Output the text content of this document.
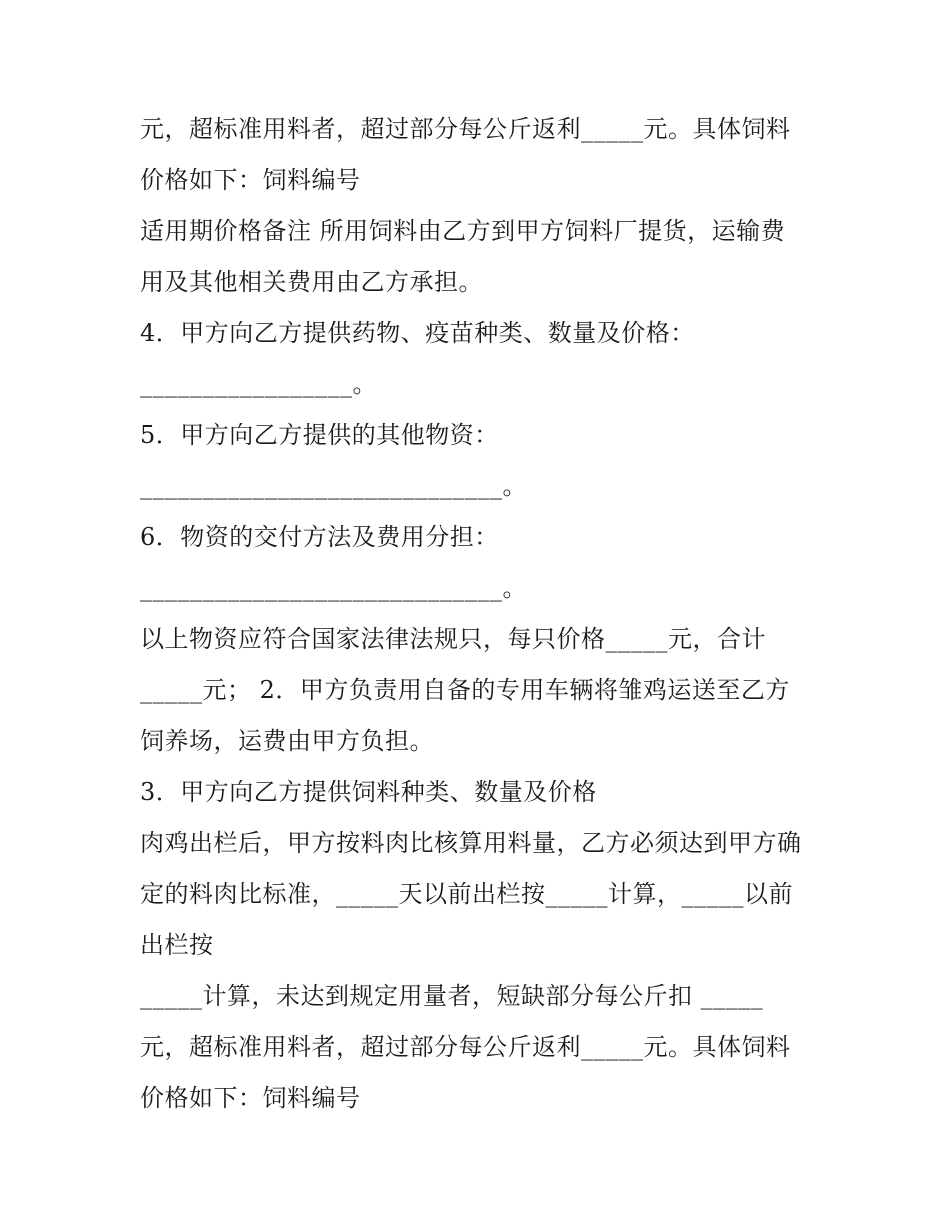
元，超标准用料者，超过部分每公斤返利_____元。具体饲料
价格如下：饲料编号
适用期价格备注 所用饲料由乙方到甲方饲料厂提货，运输费
用及其他相关费用由乙方承担。
4．甲方向乙方提供药物、疫苗种类、数量及价格：
_________________。
5．甲方向乙方提供的其他物资：
_____________________________。
6．物资的交付方法及费用分担：
_____________________________。
以上物资应符合国家法律法规只，每只价格_____元，合计
_____元； 2．甲方负责用自备的专用车辆将雏鸡运送至乙方
饲养场，运费由甲方负担。
3．甲方向乙方提供饲料种类、数量及价格
肉鸡出栏后，甲方按料肉比核算用料量，乙方必须达到甲方确
定的料肉比标准，_____天以前出栏按_____计算，_____以前
出栏按
_____计算，未达到规定用量者，短缺部分每公斤扣 _____
元，超标准用料者，超过部分每公斤返利_____元。具体饲料
价格如下：饲料编号
